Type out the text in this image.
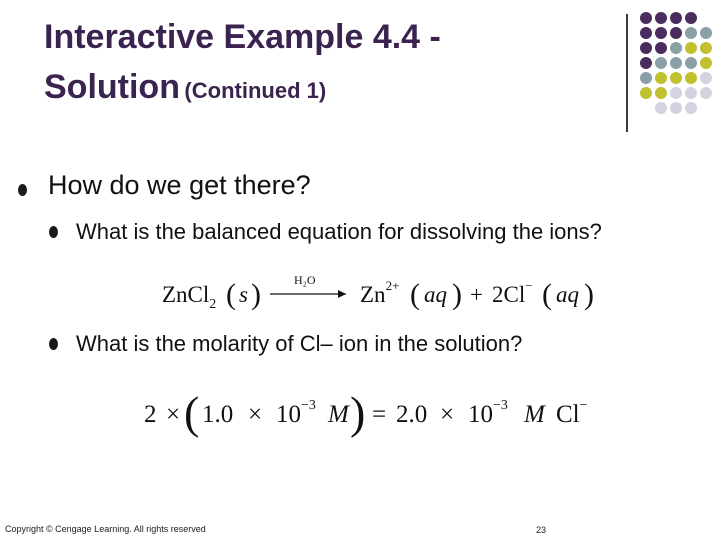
Interactive Example 4.4 -
Solution (Continued 1)
How do we get there?
What is the balanced equation for dissolving the ions?
ZnCl$_2$ ( s )	H₂O
$Zn^{2+}$ ( aq ) + 2Cl− ( aq )
What is the molarity of Cl– ion in the solution?
2 × ( $1.0 \times 10^{-3}$ M ) = $2.0 \times 10^{-3}$ M Cl−
Copyright © Cengage Learning. All rights reserved	23
